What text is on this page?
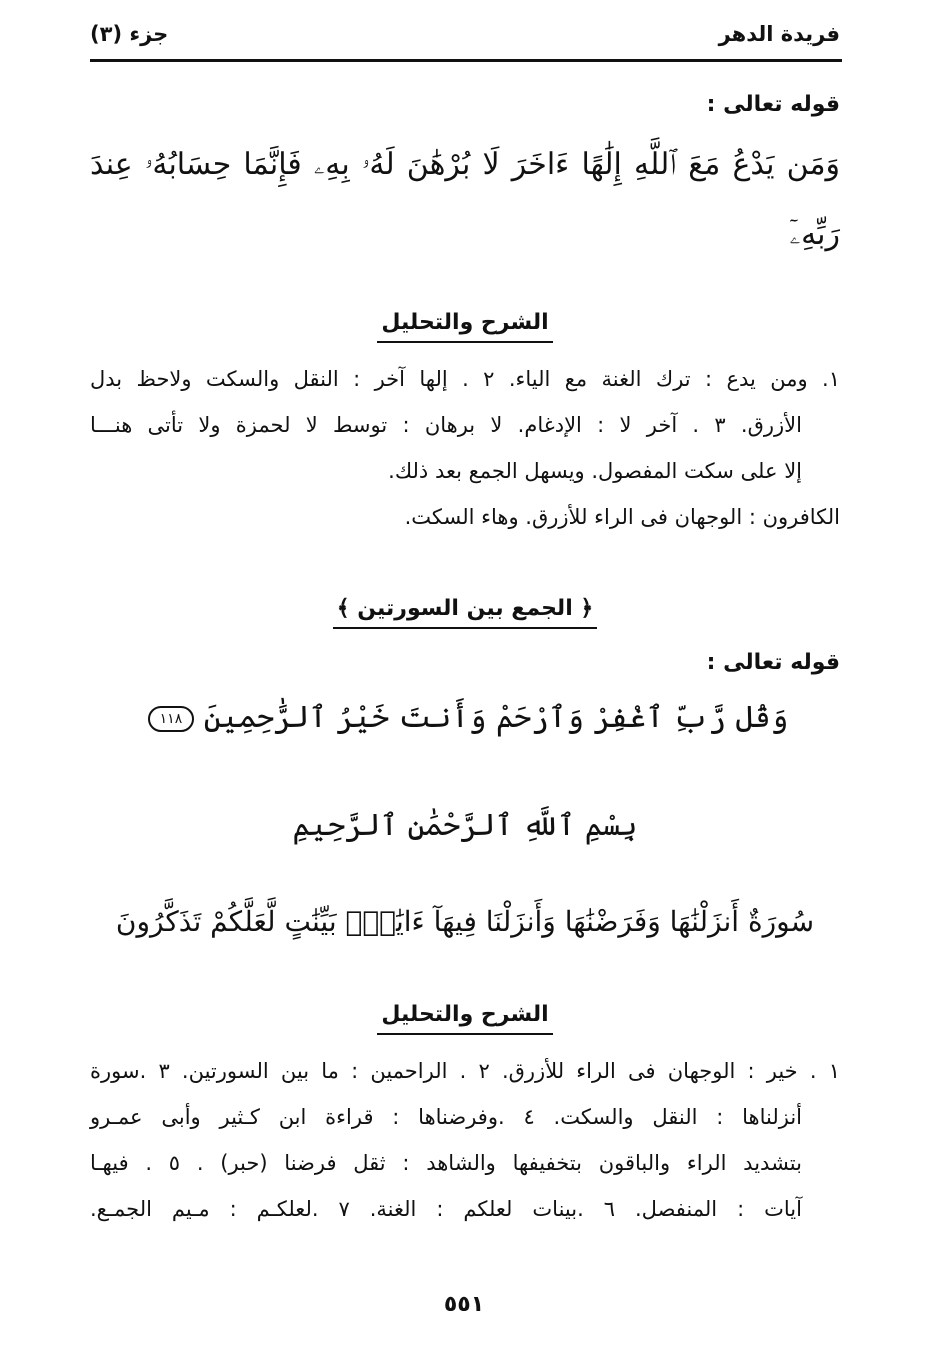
فريدة الدهر
جزء (٣)
قوله تعالى :
وَمَن يَدْعُ مَعَ ٱللَّهِ إِلَٰهًا ءَاخَرَ لَا بُرْهَٰنَ لَهُۥ بِهِۦ فَإِنَّمَا حِسَابُهُۥ عِندَ
رَبِّهِۦٓ
الشرح والتحليل
١. ومن يدع : ترك الغنة مع الياء. ٢ . إلها آخر : النقل والسكت ولاحظ بدل
الأزرق. ٣ . آخر لا : الإدغام. لا برهان : توسط لا لحمزة ولا تأتى هنـــا
إلا على سكت المفصول. ويسهل الجمع بعد ذلك.
الكافرون : الوجهان فى الراء للأزرق. وهاء السكت.
﴿ الجمع بين السورتين ﴾
قوله تعالى :
وَقُل رَّبِّ ٱغْفِرْ وَٱرْحَمْ وَأَنتَ خَيْرُ ٱلرَّٰحِمِينَ ١١٨
بِسْمِ ٱللَّهِ ٱلرَّحْمَٰنِ ٱلرَّحِيمِ
سُورَةٌ أَنزَلْنَٰهَا وَفَرَضْنَٰهَا وَأَنزَلْنَا فِيهَآ ءَايَٰتٍۭ بَيِّنَٰتٍ لَّعَلَّكُمْ تَذَكَّرُونَ
الشرح والتحليل
١ . خير : الوجهان فى الراء للأزرق. ٢ . الراحمين : ما بين السورتين. ٣ .سورة
أنزلناها : النقل والسكت. ٤ .وفرضناها : قراءة ابن كـثير وأبى عمـرو
بتشديد الراء والباقون بتخفيفها والشاهد : ثقل فرضنا (حبر) . ٥ . فيهـا
آيات : المنفصل. ٦ .بينات لعلكم : الغنة. ٧ .لعلكـم : مـيم الجمـع.
٥٥١
